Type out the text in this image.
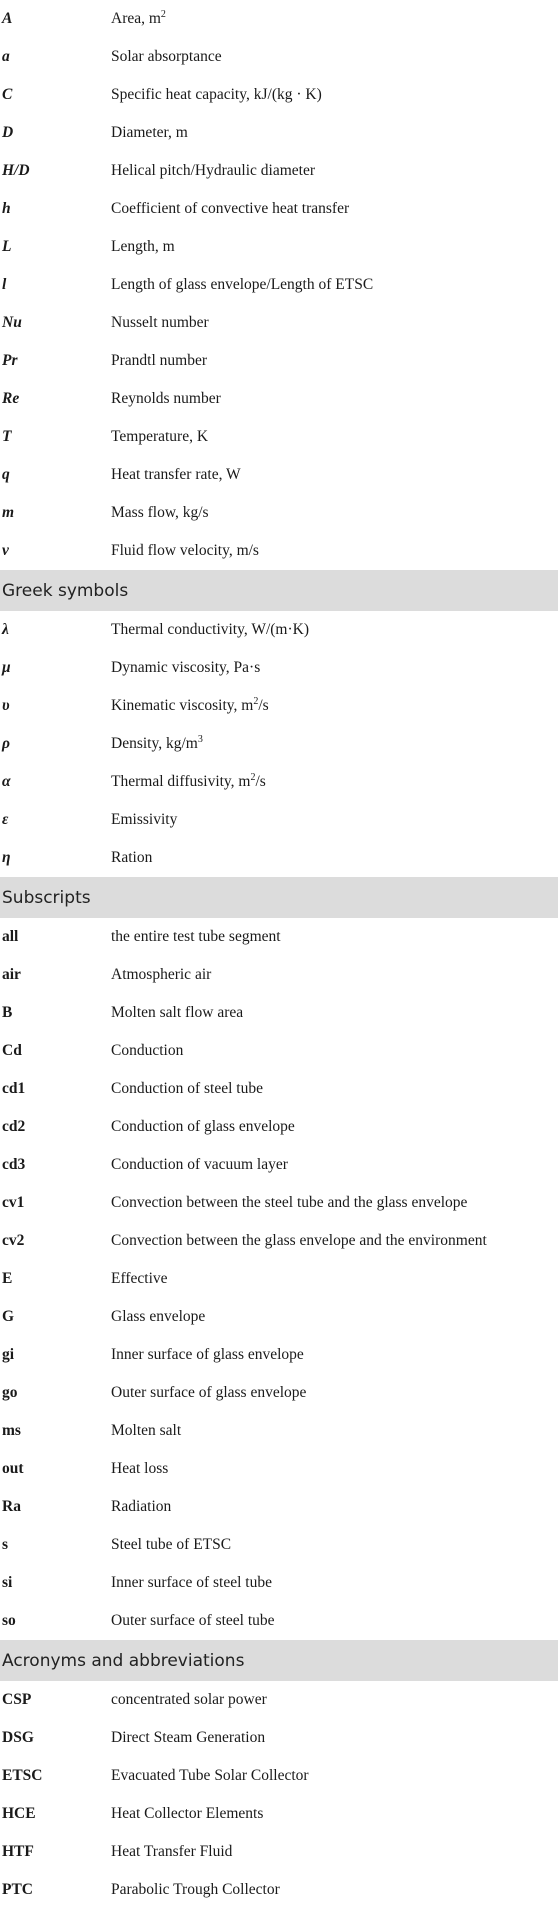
A	Area, $m^2$
a	Solar absorptance
C	Specific heat capacity, kJ/(kg · K)
D	Diameter, m
H/D	Helical pitch/Hydraulic diameter
h	Coefficient of convective heat transfer
L	Length, m
l	Length of glass envelope/Length of ETSC
Nu	Nusselt number
Pr	Prandtl number
Re	Reynolds number
T	Temperature, K
q	Heat transfer rate, W
m	Mass flow, kg/s
v	Fluid flow velocity, m/s
Greek symbols
λ	Thermal conductivity, W/(m·K)
μ	Dynamic viscosity, Pa·s
υ	Kinematic viscosity, $m^2/s$
ρ	Density, $kg/m^3$
α	Thermal diffusivity, $m^2/s$
ε	Emissivity
η	Ration
Subscripts
all	the entire test tube segment
air	Atmospheric air
B	Molten salt flow area
Cd	Conduction
cd1	Conduction of steel tube
cd2	Conduction of glass envelope
cd3	Conduction of vacuum layer
cv1	Convection between the steel tube and the glass envelope
cv2	Convection between the glass envelope and the environment
E	Effective
G	Glass envelope
gi	Inner surface of glass envelope
go	Outer surface of glass envelope
ms	Molten salt
out	Heat loss
Ra	Radiation
s	Steel tube of ETSC
si	Inner surface of steel tube
so	Outer surface of steel tube
Acronyms and abbreviations
CSP	concentrated solar power
DSG	Direct Steam Generation
ETSC	Evacuated Tube Solar Collector
HCE	Heat Collector Elements
HTF	Heat Transfer Fluid
PTC	Parabolic Trough Collector
